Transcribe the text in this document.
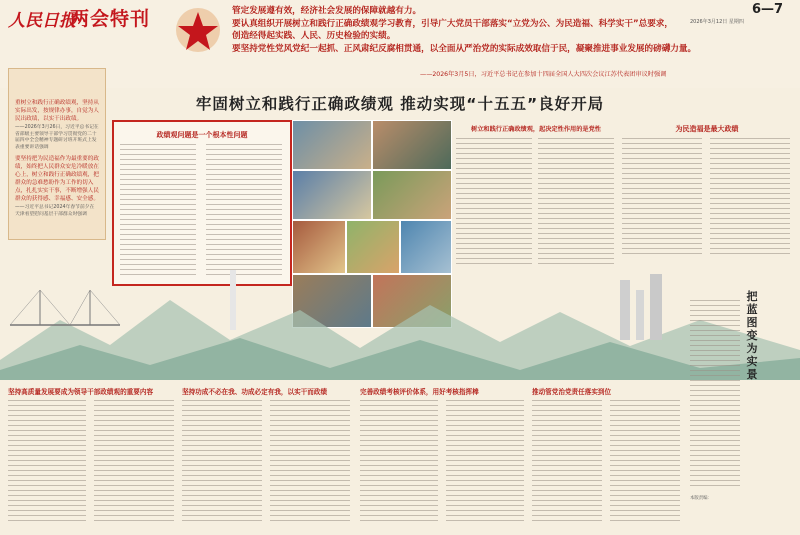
人民日报
两会特刊	管定发展遵有效，经济社会发展的保障就越有力。
要认真组织开展树立和践行正确政绩观学习教育，引导广大党员干部落实“立党为公、为民造福、科学实干”总要求，
创造经得起实践、人民、历史检验的实绩。
要坚持党性党风党纪一起抓、正风肃纪反腐相贯通，以全面从严治党的实际成效取信于民，凝聚推进事业发展的磅礴力量。
——2026年3月5日，习近平总书记在参加十四届全国人大四次会议江苏代表团审议时强调
6—7
2026年3月12日 星期四
重树立和践行正确政绩观，坚持从实际出发，按规律办事，自觉为人民出政绩，以实干出政绩。
——2026年3月26日，习近平总书记在省部级主要领导干部学习贯彻党的二十届四中全会精神专题研讨班开班式上发表重要讲话强调
要坚持把为民造福作为最重要的政绩，始终把人民群众安危冷暖放在心上，树立和践行正确政绩观，把群众的急难愁盼作为工作的切入点，扎扎实实干事，不断增强人民群众的获得感、幸福感、安全感。
——习近平总书记2024年春节前夕在天津看望慰问基层干部群众时强调
牢固树立和践行正确政绩观 推动实现“十五五”良好开局
政绩观问题是一个根本性问题
树立和践行正确政绩观，起决定性作用的是党性	为民造福是最大政绩
把蓝图变为实景
坚持高质量发展要成为领导干部政绩观的重要内容	坚持功成不必在我、功成必定有我，以实干而政绩	完善政绩考核评价体系，用好考核指挥棒	推动管党治党责任落实到位
本版责编：
